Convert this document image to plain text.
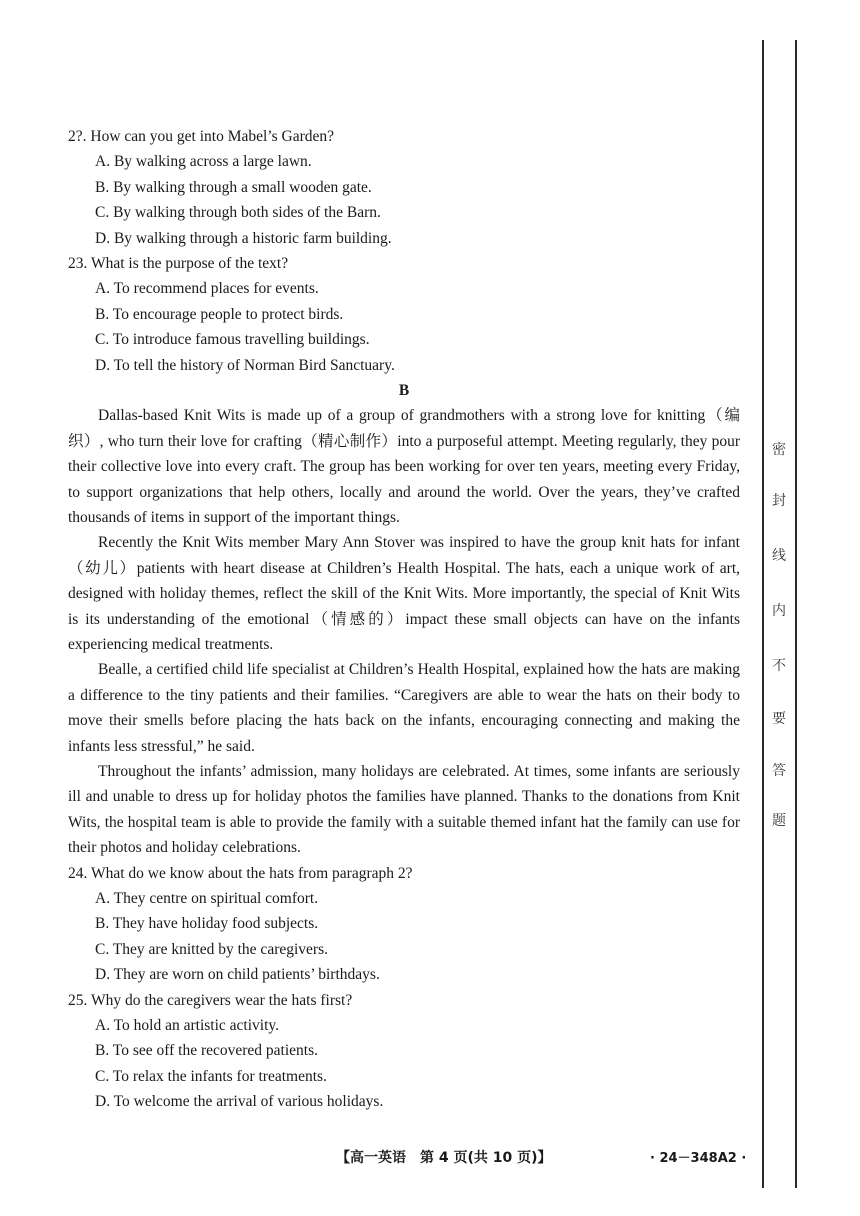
2?. How can you get into Mabel’s Garden?
A. By walking across a large lawn.
B. By walking through a small wooden gate.
C. By walking through both sides of the Barn.
D. By walking through a historic farm building.
23. What is the purpose of the text?
A. To recommend places for events.
B. To encourage people to protect birds.
C. To introduce famous travelling buildings.
D. To tell the history of Norman Bird Sanctuary.
B

Dallas-based Knit Wits is made up of a group of grandmothers with a strong love for knitting（编织）, who turn their love for crafting（精心制作）into a purposeful attempt. Meeting regularly, they pour their collective love into every craft. The group has been working for over ten years, meeting every Friday, to support organizations that help others, locally and around the world. Over the years, they’ve crafted thousands of items in support of the important things.

Recently the Knit Wits member Mary Ann Stover was inspired to have the group knit hats for infant（幼儿）patients with heart disease at Children’s Health Hospital. The hats, each a unique work of art, designed with holiday themes, reflect the skill of the Knit Wits. More importantly, the special of Knit Wits is its understanding of the emotional（情感的）impact these small objects can have on the infants experiencing medical treatments.

Bealle, a certified child life specialist at Children’s Health Hospital, explained how the hats are making a difference to the tiny patients and their families. “Caregivers are able to wear the hats on their body to move their smells before placing the hats back on the infants, encouraging connecting and making the infants less stressful,” he said.

Throughout the infants’ admission, many holidays are celebrated. At times, some infants are seriously ill and unable to dress up for holiday photos the families have planned. Thanks to the donations from Knit Wits, the hospital team is able to provide the family with a suitable themed infant hat the family can use for their photos and holiday celebrations.

24. What do we know about the hats from paragraph 2?
A. They centre on spiritual comfort.
B. They have holiday food subjects.
C. They are knitted by the caregivers.
D. They are worn on child patients’ birthdays.
25. Why do the caregivers wear the hats first?
A. To hold an artistic activity.
B. To see off the recovered patients.
C. To relax the infants for treatments.
D. To welcome the arrival of various holidays.
【高一英语　第 4 页(共 10 页)】	· 24－348A2 ·
密
封
线
内
不
要
答
题
